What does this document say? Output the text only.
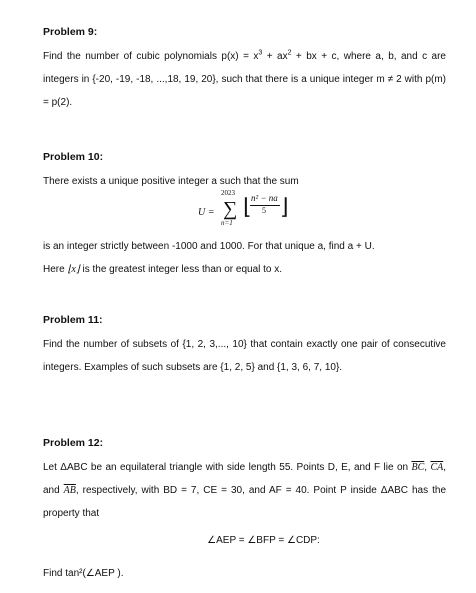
Problem 9:

Find the number of cubic polynomials $p(x) = x^3 + ax^2$ + bx + c, where a, b, and c are integers in {-20, -19, -18, ...,18, 19, 20}, such that there is a unique integer m ≠ 2 with p(m) = p(2).

Problem 10:

There exists a unique positive integer a such that the sum

U =
2023
∑
n=1
⌊ n² − na
5 ⌋

is an integer strictly between -1000 and 1000. For that unique a, find a + U.

Here ⌊x⌋ is the greatest integer less than or equal to x.

Problem 11:

Find the number of subsets of {1, 2, 3,..., 10} that contain exactly one pair of consecutive integers. Examples of such subsets are {1, 2, 5} and {1, 3, 6, 7, 10}.

Problem 12:

Let ΔABC be an equilateral triangle with side length 55. Points D, E, and F lie on $\overline{BC}$, $\overline{CA}$, and $\overline{AB}$, respectively, with BD = 7, CE = 30, and AF = 40. Point P inside ΔABC has the property that

∠AEP = ∠BFP = ∠CDP:

Find tan²(∠AEP ).
